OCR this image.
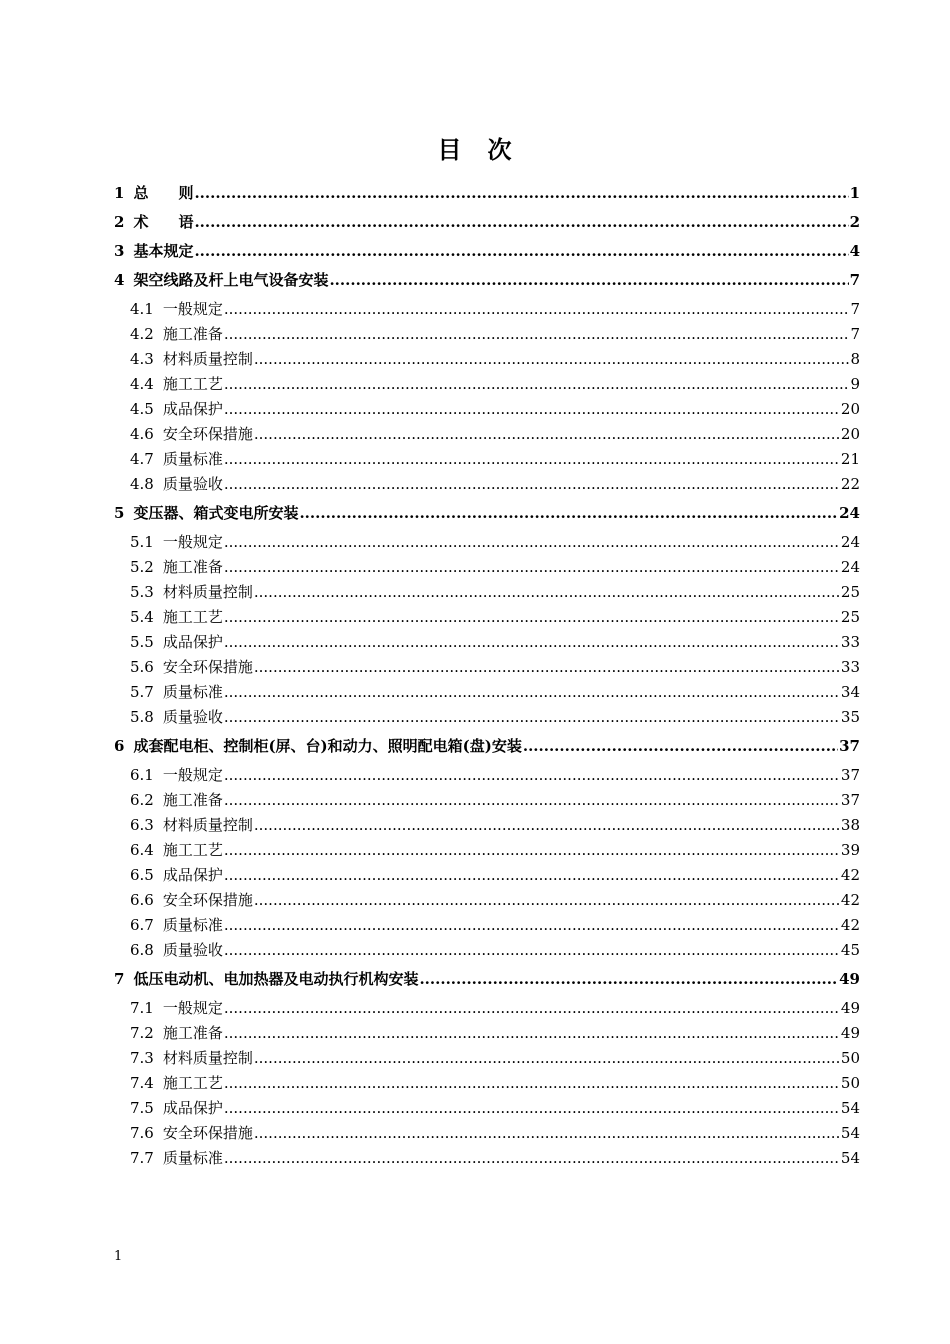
目　次
1 总　　则 .....	1
2 术　　语 .....	2
3 基本规定 .....	4
4 架空线路及杆上电气设备安装 .....	7
4.1 一般规定 .....	7
4.2 施工准备 .....	7
4.3 材料质量控制 .....	8
4.4 施工工艺 .....	9
4.5 成品保护 .....	20
4.6 安全环保措施 .....	20
4.7 质量标准 .....	21
4.8 质量验收 .....	22
5 变压器、箱式变电所安装 .....	24
5.1 一般规定 .....	24
5.2 施工准备 .....	24
5.3 材料质量控制 .....	25
5.4 施工工艺 .....	25
5.5 成品保护 .....	33
5.6 安全环保措施 .....	33
5.7 质量标准 .....	34
5.8 质量验收 .....	35
6 成套配电柜、控制柜(屏、台)和动力、照明配电箱(盘)安装 .....	37
6.1 一般规定 .....	37
6.2 施工准备 .....	37
6.3 材料质量控制 .....	38
6.4 施工工艺 .....	39
6.5 成品保护 .....	42
6.6 安全环保措施 .....	42
6.7 质量标准 .....	42
6.8 质量验收 .....	45
7 低压电动机、电加热器及电动执行机构安装 .....	49
7.1 一般规定 .....	49
7.2 施工准备 .....	49
7.3 材料质量控制 .....	50
7.4 施工工艺 .....	50
7.5 成品保护 .....	54
7.6 安全环保措施 .....	54
7.7 质量标准 .....	54
1
